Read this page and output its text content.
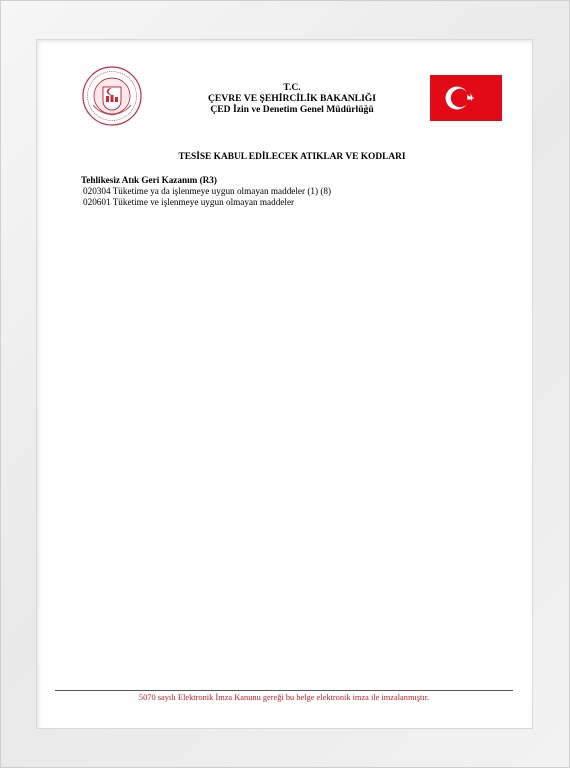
T.C.
ÇEVRE VE ŞEHİRCİLİK BAKANLIĞI
ÇED İzin ve Denetim Genel Müdürlüğü
TESİSE KABUL EDİLECEK ATIKLAR VE KODLARI
Tehlikesiz Atık Geri Kazanım (R3)
020304 Tüketime ya da işlenmeye uygun olmayan maddeler (1) (8)
020601 Tüketime ve işlenmeye uygun olmayan maddeler
5070 sayılı Elektronik İmza Kanunu gereği bu belge elektronik imza ile imzalanmıştır.
